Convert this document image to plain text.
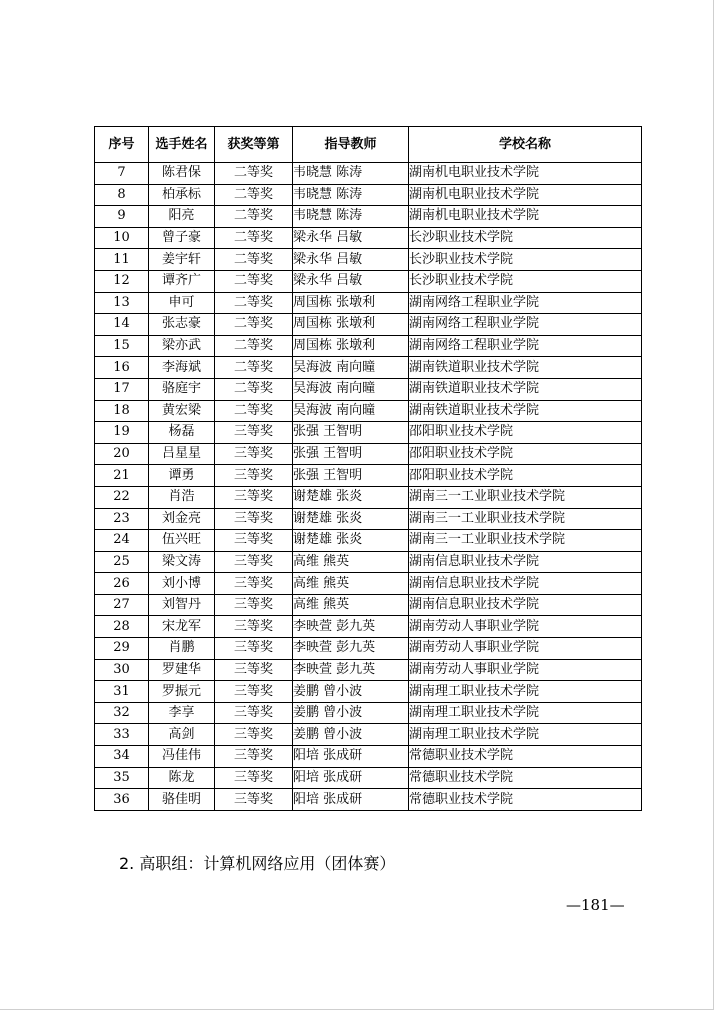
序号	选手姓名	获奖等第	指导教师	学校名称
7	陈君保	二等奖	韦晓慧 陈涛	湖南机电职业技术学院
8	柏承标	二等奖	韦晓慧 陈涛	湖南机电职业技术学院
9	阳亮	二等奖	韦晓慧 陈涛	湖南机电职业技术学院
10	曾子豪	二等奖	梁永华 吕敏	长沙职业技术学院
11	姜宇轩	二等奖	梁永华 吕敏	长沙职业技术学院
12	谭齐广	二等奖	梁永华 吕敏	长沙职业技术学院
13	申可	二等奖	周国栋 张墩利	湖南网络工程职业学院
14	张志豪	二等奖	周国栋 张墩利	湖南网络工程职业学院
15	梁亦武	二等奖	周国栋 张墩利	湖南网络工程职业学院
16	李海斌	二等奖	吴海波 南向曈	湖南铁道职业技术学院
17	骆庭宇	二等奖	吴海波 南向曈	湖南铁道职业技术学院
18	黄宏梁	二等奖	吴海波 南向曈	湖南铁道职业技术学院
19	杨磊	三等奖	张强 王智明	邵阳职业技术学院
20	吕星星	三等奖	张强 王智明	邵阳职业技术学院
21	谭勇	三等奖	张强 王智明	邵阳职业技术学院
22	肖浩	三等奖	谢楚雄 张炎	湖南三一工业职业技术学院
23	刘金亮	三等奖	谢楚雄 张炎	湖南三一工业职业技术学院
24	伍兴旺	三等奖	谢楚雄 张炎	湖南三一工业职业技术学院
25	梁文涛	三等奖	高维 熊英	湖南信息职业技术学院
26	刘小博	三等奖	高维 熊英	湖南信息职业技术学院
27	刘智丹	三等奖	高维 熊英	湖南信息职业技术学院
28	宋龙军	三等奖	李映萱 彭九英	湖南劳动人事职业学院
29	肖鹏	三等奖	李映萱 彭九英	湖南劳动人事职业学院
30	罗建华	三等奖	李映萱 彭九英	湖南劳动人事职业学院
31	罗振元	三等奖	姜鹏 曾小波	湖南理工职业技术学院
32	李享	三等奖	姜鹏 曾小波	湖南理工职业技术学院
33	高剑	三等奖	姜鹏 曾小波	湖南理工职业技术学院
34	冯佳伟	三等奖	阳培 张成研	常德职业技术学院
35	陈龙	三等奖	阳培 张成研	常德职业技术学院
36	骆佳明	三等奖	阳培 张成研	常德职业技术学院
2. 高职组：计算机网络应用（团体赛）
—181—
